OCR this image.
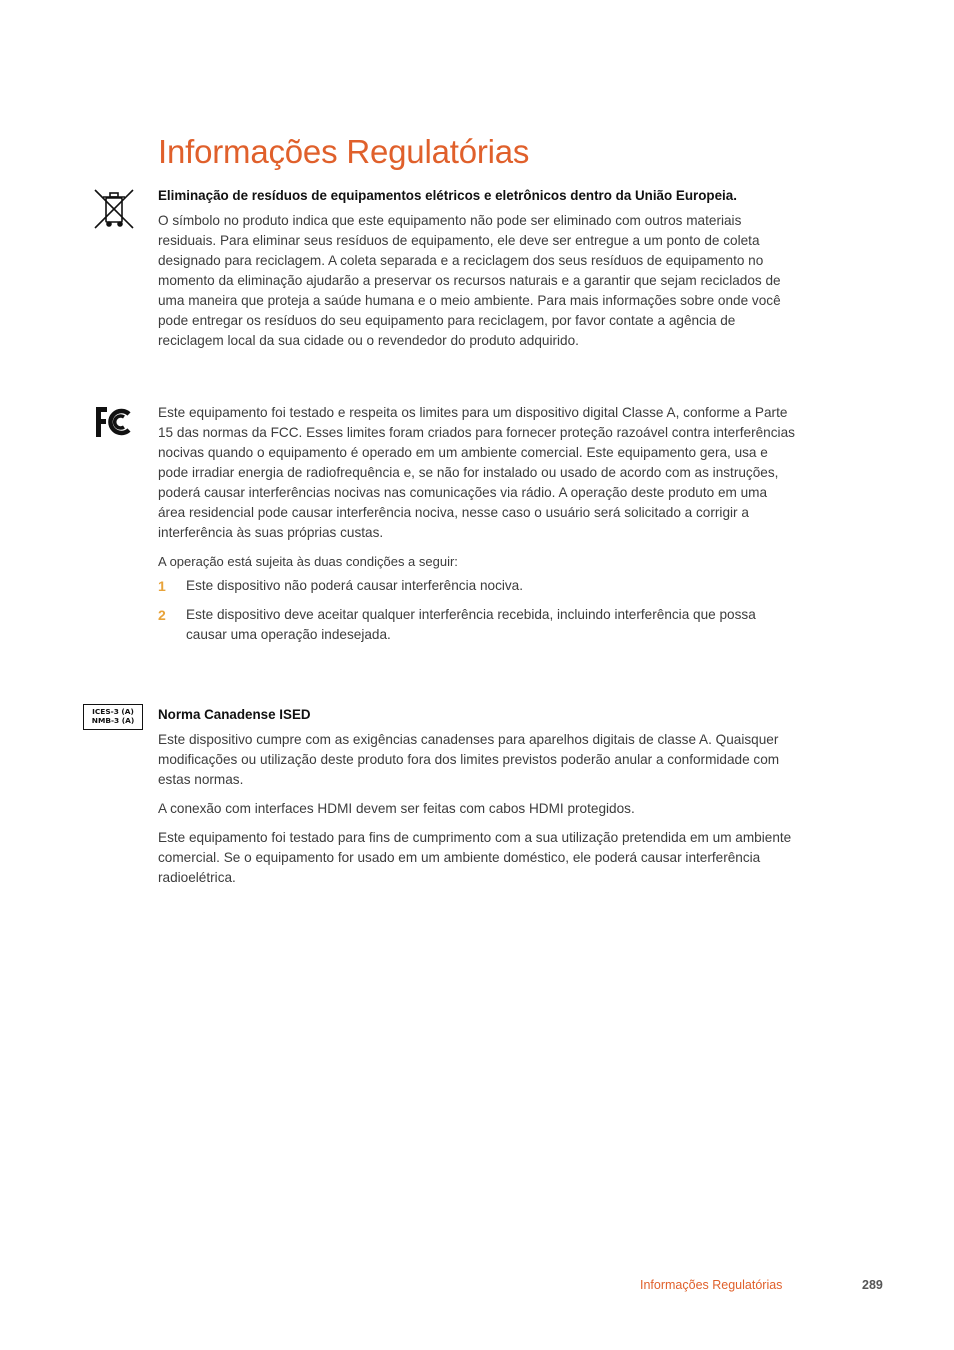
Informações Regulatórias
Eliminação de resíduos de equipamentos elétricos e eletrônicos dentro da União Europeia.

O símbolo no produto indica que este equipamento não pode ser eliminado com outros materiais residuais. Para eliminar seus resíduos de equipamento, ele deve ser entregue a um ponto de coleta designado para reciclagem. A coleta separada e a reciclagem dos seus resíduos de equipamento no momento da eliminação ajudarão a preservar os recursos naturais e a garantir que sejam reciclados de uma maneira que proteja a saúde humana e o meio ambiente. Para mais informações sobre onde você pode entregar os resíduos do seu equipamento para reciclagem, por favor contate a agência de reciclagem local da sua cidade ou o revendedor do produto adquirido.

Este equipamento foi testado e respeita os limites para um dispositivo digital Classe A, conforme a Parte 15 das normas da FCC. Esses limites foram criados para fornecer proteção razoável contra interferências nocivas quando o equipamento é operado em um ambiente comercial. Este equipamento gera, usa e pode irradiar energia de radiofrequência e, se não for instalado ou usado de acordo com as instruções, poderá causar interferências nocivas nas comunicações via rádio. A operação deste produto em uma área residencial pode causar interferência nociva, nesse caso o usuário será solicitado a corrigir a interferência às suas próprias custas.

A operação está sujeita às duas condições a seguir:

1 Este dispositivo não poderá causar interferência nociva.
2 Este dispositivo deve aceitar qualquer interferência recebida, incluindo interferência que possa causar uma operação indesejada.
ICES-3 (A)
NMB-3 (A)	Norma Canadense ISED

Este dispositivo cumpre com as exigências canadenses para aparelhos digitais de classe A. Quaisquer modificações ou utilização deste produto fora dos limites previstos poderão anular a conformidade com estas normas.

A conexão com interfaces HDMI devem ser feitas com cabos HDMI protegidos.

Este equipamento foi testado para fins de cumprimento com a sua utilização pretendida em um ambiente comercial. Se o equipamento for usado em um ambiente doméstico, ele poderá causar interferência radioelétrica.

Informações Regulatórias	289
